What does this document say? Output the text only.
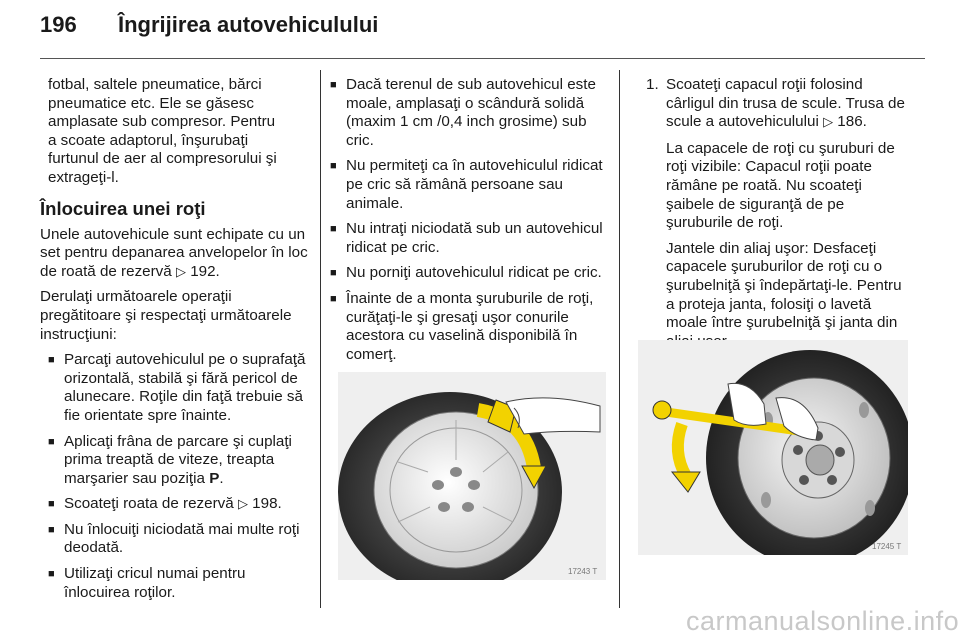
196	Îngrijirea autovehiculului
fotbal, saltele pneumatice, bărci
pneumatice etc. Ele se găsesc
amplasate sub compresor. Pentru
a scoate adaptorul, înşurubaţi
furtunul de aer al compresorului şi
extrageţi-l.
Înlocuirea unei roţi

Unele autovehicule sunt echipate cu un set pentru depanarea anvelopelor în loc de roată de rezervă ▷ 192.

Derulaţi următoarele operaţii pregătitoare şi respectaţi următoarele instrucţiuni:

■ Parcaţi autovehiculul pe o suprafaţă orizontală, stabilă şi fără pericol de alunecare. Roţile din faţă trebuie să fie orientate spre înainte.
■ Aplicaţi frâna de parcare şi cuplaţi prima treaptă de viteze, treapta marşarier sau poziţia P.
■ Scoateţi roata de rezervă ▷ 198.
■ Nu înlocuiţi niciodată mai multe roţi deodată.
■ Utilizaţi cricul numai pentru înlocuirea roţilor.
■ Dacă terenul de sub autovehicul este moale, amplasaţi o scândură solidă (maxim 1 cm /0,4 inch grosime) sub cric.
■ Nu permiteţi ca în autovehiculul ridicat pe cric să rămână persoane sau animale.
■ Nu intraţi niciodată sub un autovehicul ridicat pe cric.
■ Nu porniţi autovehiculul ridicat pe cric.
■ Înainte de a monta şuruburile de roţi, curăţaţi-le şi gresaţi uşor conurile acestora cu vaselină disponibilă în comerţ.
17243 T
1. Scoateţi capacul roţii folosind cârligul din trusa de scule. Trusa de scule a autovehiculului ▷ 186.

La capacele de roţi cu şuruburi de roţi vizibile: Capacul roţii poate rămâne pe roată. Nu scoateţi şaibele de siguranţă de pe şuruburile de roţi.

Jantele din aliaj uşor: Desfaceţi capacele şuruburilor de roţi cu o şurubelniţă şi îndepărtaţi-le. Pentru a proteja janta, folosiţi o lavetă moale între şurubelniţă şi janta din

17245 T
carmanualsonline.info
